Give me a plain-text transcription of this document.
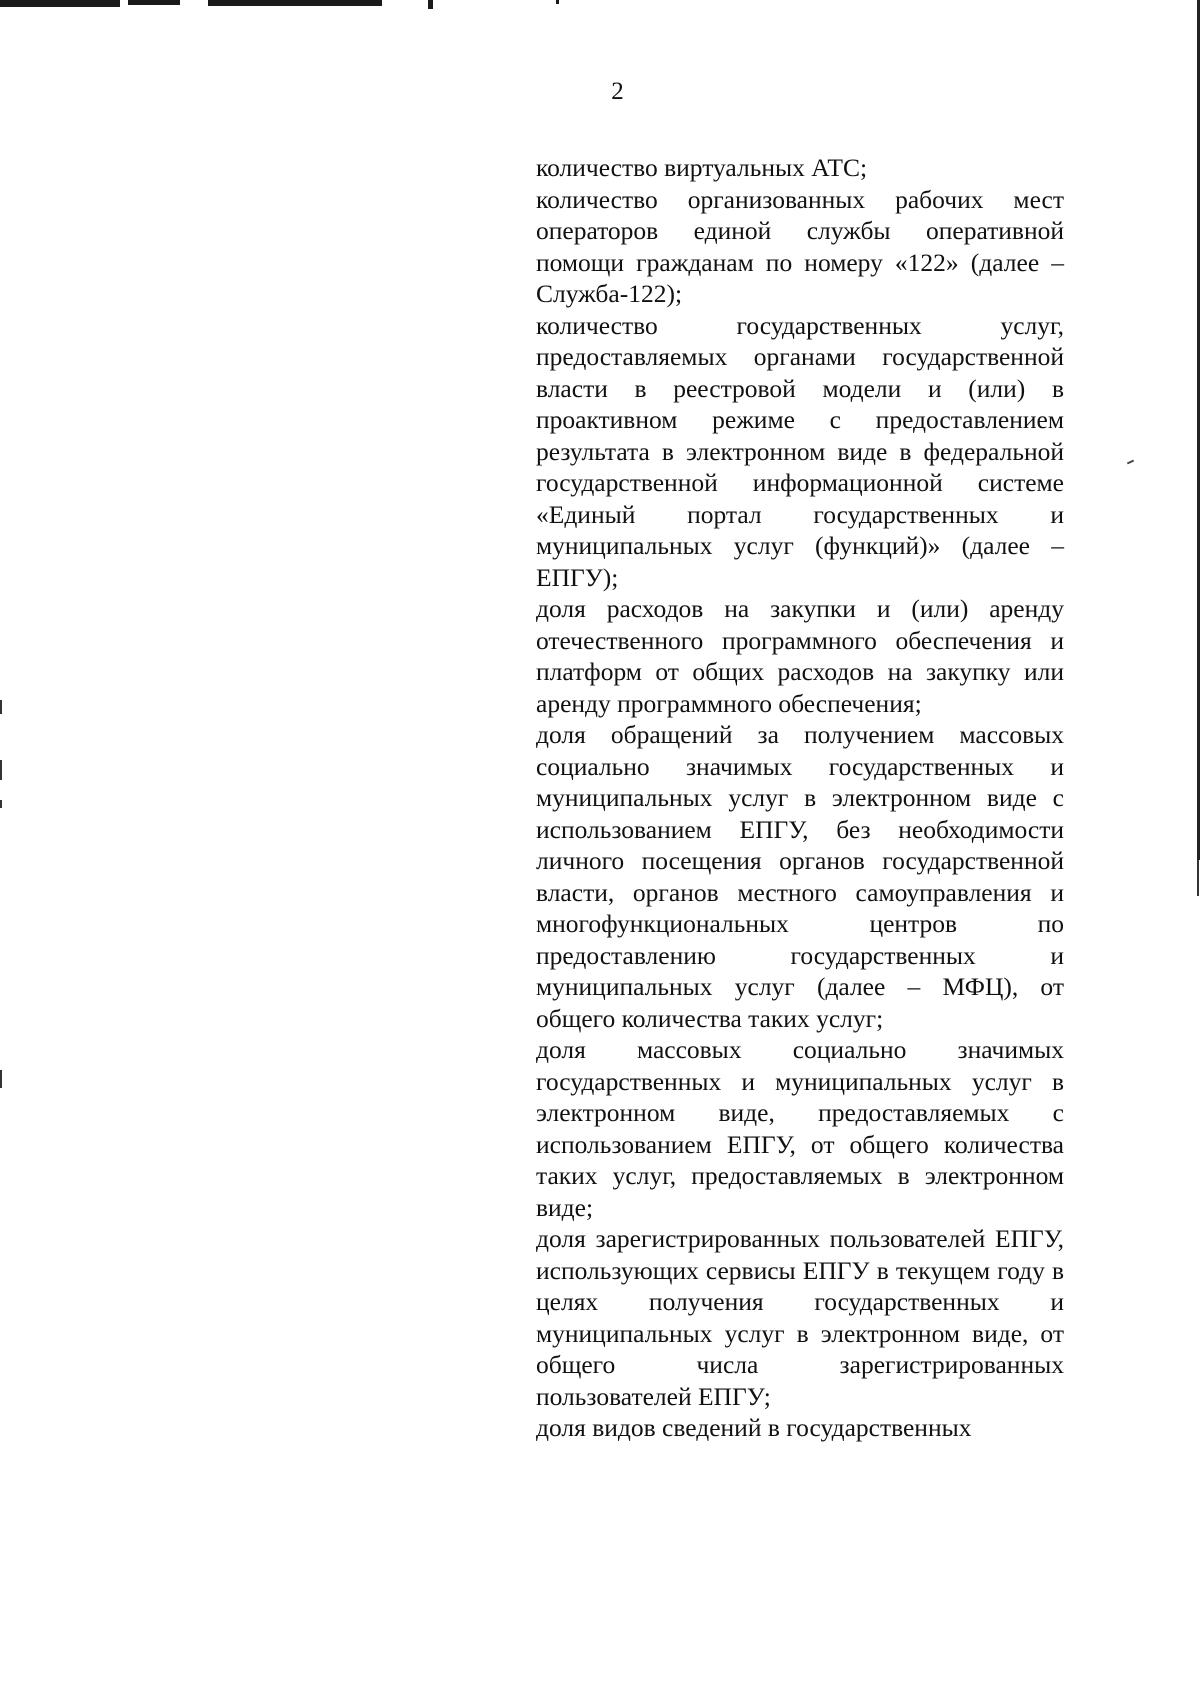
2

количество виртуальных АТС;

количество организованных рабочих мест операторов единой службы оперативной помощи гражданам по номеру «122» (далее – Служба-122);

количество государственных услуг, предоставляемых органами государственной власти в реестровой модели и (или) в проактивном режиме с предоставлением результата в электронном виде в федеральной государственной информационной системе «Единый портал государственных и муниципальных услуг (функций)» (далее – ЕПГУ);

доля расходов на закупки и (или) аренду отечественного программного обеспечения и платформ от общих расходов на закупку или аренду программного обеспечения;

доля обращений за получением массовых социально значимых государственных и муниципальных услуг в электронном виде с использованием ЕПГУ, без необходимости личного посещения органов государственной власти, органов местного самоуправления и многофункциональных центров по предоставлению государственных и муниципальных услуг (далее – МФЦ), от общего количества таких услуг;

доля массовых социально значимых государственных и муниципальных услуг в электронном виде, предоставляемых с использованием ЕПГУ, от общего количества таких услуг, предоставляемых в электронном виде;

доля зарегистрированных пользователей ЕПГУ, использующих сервисы ЕПГУ в текущем году в целях получения государственных и муниципальных услуг в электронном виде, от общего числа зарегистрированных пользователей ЕПГУ;

доля видов сведений в государственных
